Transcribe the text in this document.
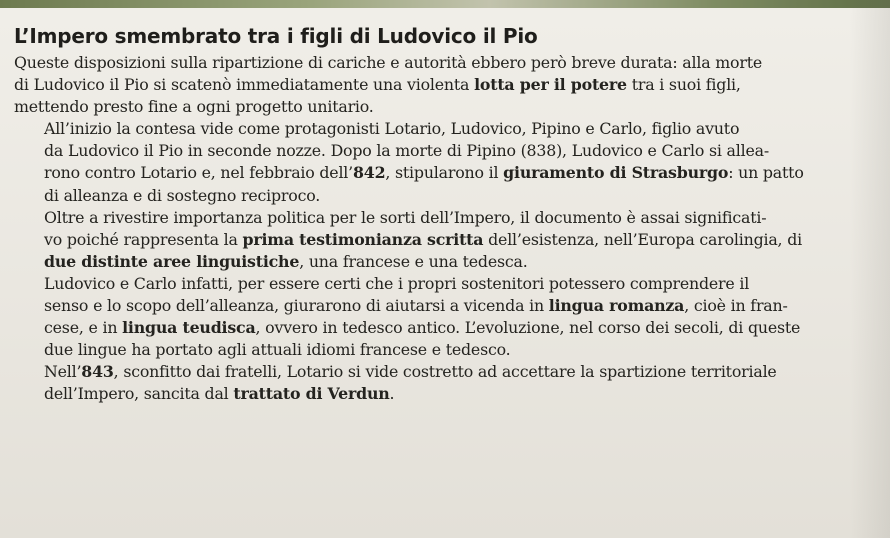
L’Impero smembrato tra i figli di Ludovico il Pio

Queste disposizioni sulla ripartizione di cariche e autorità ebbero però breve durata: alla morte
di Ludovico il Pio si scatenò immediatamente una violenta lotta per il potere tra i suoi figli,
mettendo presto fine a ogni progetto unitario.

All’inizio la contesa vide come protagonisti Lotario, Ludovico, Pipino e Carlo, figlio avuto
da Ludovico il Pio in seconde nozze. Dopo la morte di Pipino (838), Ludovico e Carlo si allea-
rono contro Lotario e, nel febbraio dell’842, stipularono il giuramento di Strasburgo: un patto
di alleanza e di sostegno reciproco.

Oltre a rivestire importanza politica per le sorti dell’Impero, il documento è assai significati-
vo poiché rappresenta la prima testimonianza scritta dell’esistenza, nell’Europa carolingia, di
due distinte aree linguistiche, una francese e una tedesca.

Ludovico e Carlo infatti, per essere certi che i propri sostenitori potessero comprendere il
senso e lo scopo dell’alleanza, giurarono di aiutarsi a vicenda in lingua romanza, cioè in fran-
cese, e in lingua teudisca, ovvero in tedesco antico. L’evoluzione, nel corso dei secoli, di queste
due lingue ha portato agli attuali idiomi francese e tedesco.

Nell’843, sconfitto dai fratelli, Lotario si vide costretto ad accettare la spartizione territoriale
dell’Impero, sancita dal trattato di Verdun.
